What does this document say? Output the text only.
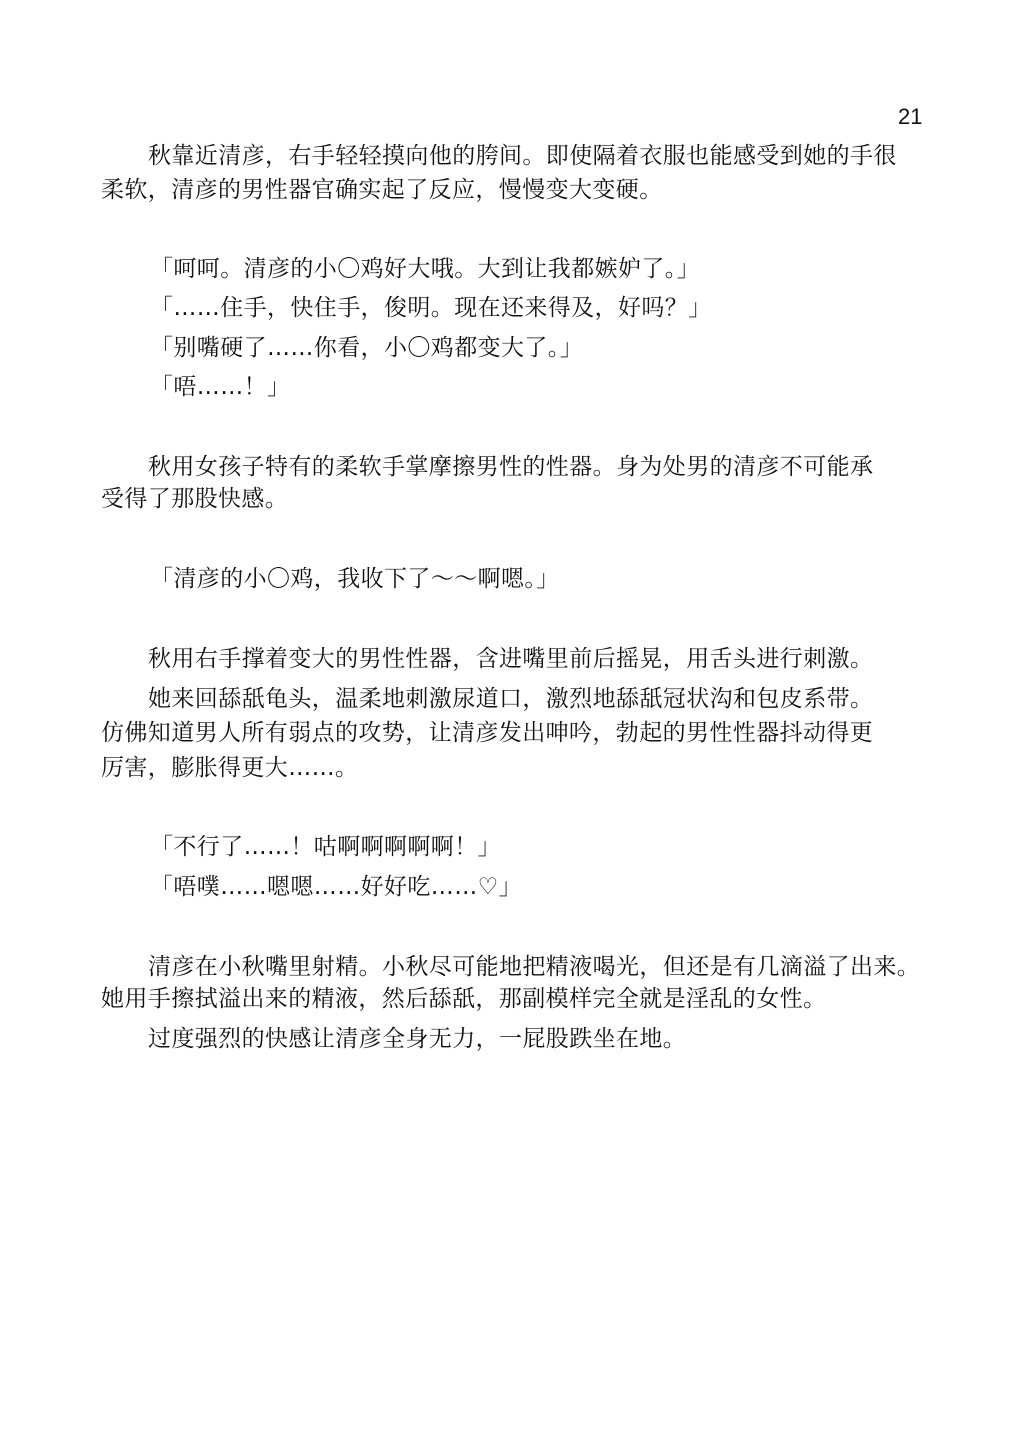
21
秋靠近清彦，右手轻轻摸向他的胯间。即使隔着衣服也能感受到她的手很
柔软，清彦的男性器官确实起了反应，慢慢变大变硬。
「呵呵。清彦的小〇鸡好大哦。大到让我都嫉妒了。」
「……住手，快住手，俊明。现在还来得及，好吗？」
「别嘴硬了……你看，小〇鸡都变大了。」
「唔……！」
秋用女孩子特有的柔软手掌摩擦男性的性器。身为处男的清彦不可能承
受得了那股快感。
「清彦的小〇鸡，我收下了～～啊嗯。」
秋用右手撑着变大的男性性器，含进嘴里前后摇晃，用舌头进行刺激。
她来回舔舐龟头，温柔地刺激尿道口，激烈地舔舐冠状沟和包皮系带。
仿佛知道男人所有弱点的攻势，让清彦发出呻吟，勃起的男性性器抖动得更
厉害，膨胀得更大……。
「不行了……！咕啊啊啊啊啊！」
「唔噗……嗯嗯……好好吃……♡」
清彦在小秋嘴里射精。小秋尽可能地把精液喝光，但还是有几滴溢了出来。
她用手擦拭溢出来的精液，然后舔舐，那副模样完全就是淫乱的女性。
过度强烈的快感让清彦全身无力，一屁股跌坐在地。
